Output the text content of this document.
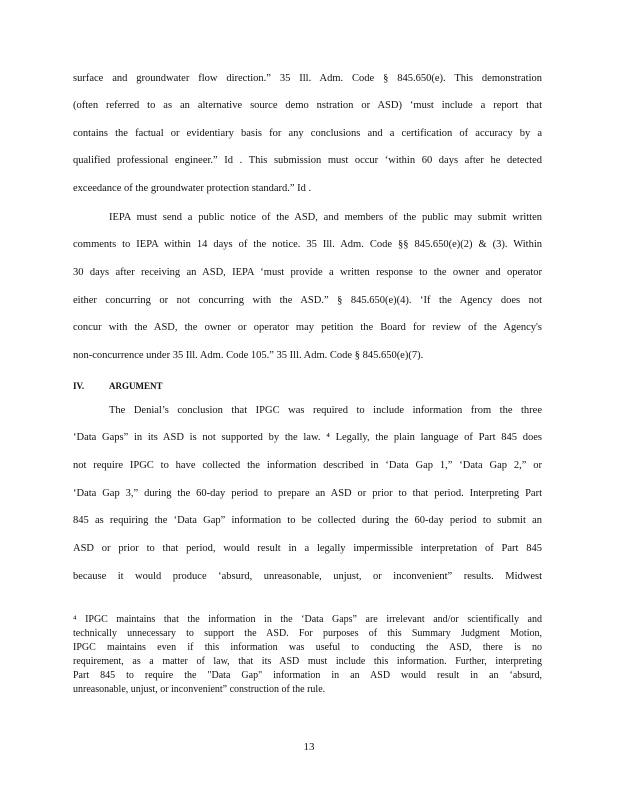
surface and groundwater flow direction.” 35 Ill. Adm. Code § 845.650(e). This demonstration
(often referred to as an alternative source demo nstration or ASD) ‘must include a report that
contains the factual or evidentiary basis for any conclusions and a certification of accuracy by a
qualified professional engineer.” Id . This submission must occur ‘within 60 days after he detected
exceedance of the groundwater protection standard.” Id .
IEPA must send a public notice of the ASD, and members of the public may submit written
comments to IEPA within 14 days of the notice. 35 Ill. Adm. Code §§ 845.650(e)(2) & (3). Within
30 days after receiving an ASD, IEPA ‘must provide a written response to the owner and operator
either concurring or not concurring with the ASD.” § 845.650(e)(4). ‘If the Agency does not
concur with the ASD, the owner or operator may petition the Board for review of the Agency's
non-concurrence under 35 Ill. Adm. Code 105.” 35 Ill. Adm. Code § 845.650(e)(7).
IV.	ARGUMENT
The Denial’s conclusion that IPGC was required to include information from the three
‘Data Gaps” in its ASD is not supported by the law. ⁴ Legally, the plain language of Part 845 does
not require IPGC to have collected the information described in ‘Data Gap 1,” ‘Data Gap 2,” or
‘Data Gap 3,” during the 60-day period to prepare an ASD or prior to that period. Interpreting Part
845 as requiring the ‘Data Gap” information to be collected during the 60-day period to submit an
ASD or prior to that period, would result in a legally impermissible interpretation of Part 845
because it would produce ‘absurd, unreasonable, unjust, or inconvenient” results. Midwest
⁴ IPGC maintains that the information in the ‘Data Gaps” are irrelevant and/or scientifically and
technically unnecessary to support the ASD. For purposes of this Summary Judgment Motion,
IPGC maintains even if this information was useful to conducting the ASD, there is no
requirement, as a matter of law, that its ASD must include this information. Further, interpreting
Part 845 to require the "Data Gap" information in an ASD would result in an ‘absurd,
unreasonable, unjust, or inconvenient” construction of the rule.
13
